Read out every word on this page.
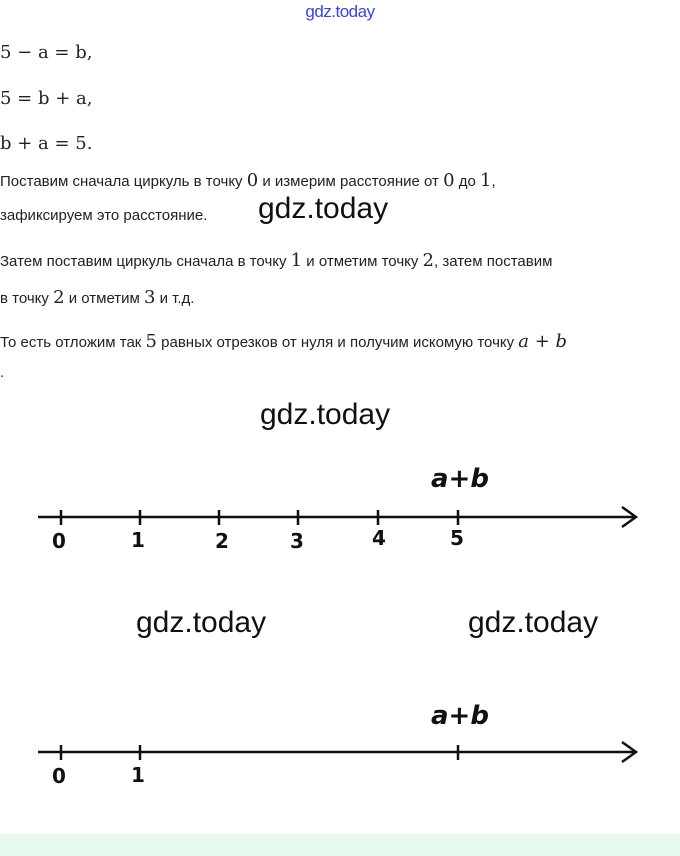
gdz.today
5 − a = b,
5 = b + a,
b + a = 5.
Поставим сначала циркуль в точку 0 и измерим расстояние от 0 до 1,
зафиксируем это расстояние. gdz.today
Затем поставим циркуль сначала в точку 1 и отметим точку 2, затем поставим
в точку 2 и отметим 3 и т.д.
То есть отложим так 5 равных отрезков от нуля и получим искомую точку a + b
.
gdz.today
0	1	2	3	4	5
a+b
gdz.today	gdz.today
0	1
a+b
